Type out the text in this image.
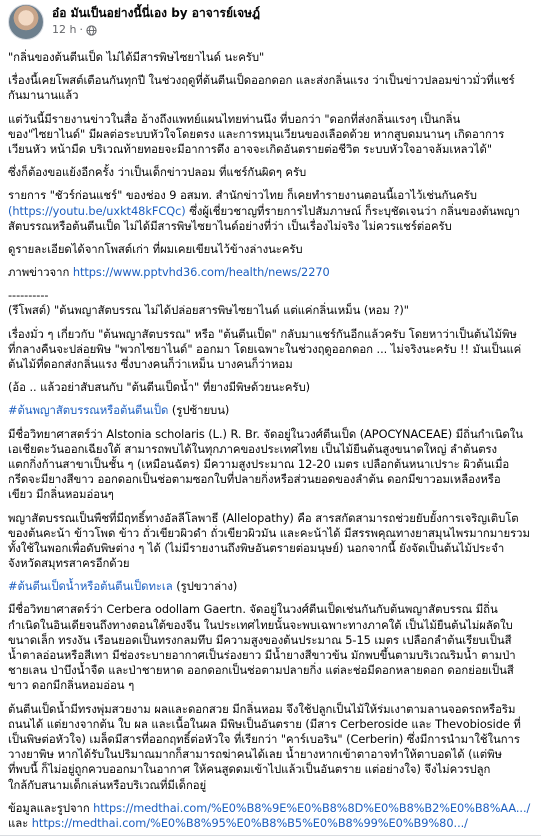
อ๋อ มันเป็นอย่างนี้นี่เอง by อาจารย์เจษฎ์
12 h ·
"กลิ่นของต้นตีนเป็ด ไม่ได้มีสารพิษไซยาไนด์ นะครับ"
เรื่องนี้เคยโพสต์เตือนกันทุกปี ในช่วงฤดูที่ต้นตีนเป็ดออกดอก และส่งกลิ่นแรง ว่าเป็นข่าวปลอมข่าวมั่วที่แชร์
กันมานานแล้ว
แต่วันนี้มีรายงานข่าวในสื่อ อ้างถึงแพทย์แผนไทยท่านนึง ที่บอกว่า "ดอกที่ส่งกลิ่นแรงๆ เป็นกลิ่น
ของ"ไซยาไนด์" มีผลต่อระบบหัวใจโดยตรง และการหมุนเวียนของเลือดด้วย หากสูบดมนานๆ เกิดอาการ
เวียนหัว หน้ามืด บริเวณท้ายทอยจะมีอาการตึง อาจจะเกิดอันตรายต่อชีวิต ระบบหัวใจอาจล้มเหลวได้"
ซึ่งก็ต้องขอแย้งอีกครั้ง ว่าเป็นเด็กข่าวปลอม ที่แชร์กันผิดๆ ครับ
รายการ "ชัวร์ก่อนแชร์" ของช่อง 9 อสมท. สำนักข่าวไทย ก็เคยทำรายงานตอนนี้เอาไว้เช่นกันครับ
(https://youtu.be/uxkt48kFCQc) ซึ่งผู้เชี่ยวชาญที่รายการไปสัมภาษณ์ ก็ระบุชัดเจนว่า กลิ่นของต้นพญา
สัตบรรณหรือต้นตีนเป็ด ไม่ได้มีสารพิษไซยาไนด์อย่างที่ว่า เป็นเรื่องไม่จริง ไม่ควรแชร์ต่อครับ
ดูรายละเอียดได้จากโพสต์เก่า ที่ผมเคยเขียนไว้ข้างล่างนะครับ
ภาพข่าวจาก https://www.pptvhd36.com/health/news/2270
----------
(รีโพสต์) "ต้นพญาสัตบรรณ ไม่ได้ปล่อยสารพิษไซยาไนด์ แต่แค่กลิ่นเหม็น (หอม ?)"
เรื่องมั่ว ๆ เกี่ยวกับ "ต้นพญาสัตบรรณ" หรือ "ต้นตีนเป็ด" กลับมาแชร์กันอีกแล้วครับ โดยหาว่าเป็นต้นไม้พิษ
ที่กลางคืนจะปล่อยพิษ "พวกไซยาไนด์" ออกมา โดยเฉพาะในช่วงฤดูออกดอก ... ไม่จริงนะครับ !! มันเป็นแค่
ต้นไม้ที่ดอกส่งกลิ่นแรง ซึ่งบางคนก็ว่าเหม็น บางคนก็ว่าหอม
(อ้อ .. แล้วอย่าสับสนกับ "ต้นตีนเป็ดน้ำ" ที่ยางมีพิษด้วยนะครับ)
#ต้นพญาสัตบรรณหรือต้นตีนเป็ด (รูปซ้ายบน)
มีชื่อวิทยาศาสตร์ว่า Alstonia scholaris (L.) R. Br. จัดอยู่ในวงศ์ตีนเป็ด (APOCYNACEAE) มีถิ่นกำเนิดใน
เอเชียตะวันออกเฉียงใต้ สามารถพบได้ในทุกภาคของประเทศไทย เป็นไม้ยืนต้นสูงขนาดใหญ่ ลำต้นตรง
แตกกิ่งก้านสาขาเป็นชั้น ๆ (เหมือนฉัตร) มีความสูงประมาณ 12-20 เมตร เปลือกต้นหนาเปราะ ผิวต้นเมื่อ
กรีดจะมียางสีขาว ออกดอกเป็นช่อตามซอกใบที่ปลายกิ่งหรือส่วนยอดของลำต้น ดอกมีขาวอมเหลืองหรือ
เขียว มีกลิ่นหอมอ่อนๆ
พญาสัตบรรณเป็นพืชที่มีฤทธิ์ทางอัลลีโลพาธี (Allelopathy) คือ สารสกัดสามารถช่วยยับยั้งการเจริญเติบโต
ของต้นคะน้า ข้าวโพด ข้าว ถั่วเขียวผิวดำ ถั่วเขียวผิวมัน และคะน้าได้ มีสรรพคุณทางยาสมุนไพรมากมายรวม
ทั้งใช้ในพอกเพื่อดับพิษต่าง ๆ ได้ (ไม่มีรายงานถึงพิษอันตรายต่อมนุษย์) นอกจากนี้ ยังจัดเป็นต้นไม้ประจำ
จังหวัดสมุทรสาครอีกด้วย
#ต้นตีนเป็ดน้ำหรือต้นตีนเป็ดทะเล (รูปขวาล่าง)
มีชื่อวิทยาศาสตร์ว่า Cerbera odollam Gaertn. จัดอยู่ในวงศ์ตีนเป็ดเช่นกันกับต้นพญาสัตบรรณ มีถิ่น
กำเนิดในอินเดียจนถึงทางตอนใต้ของจีน ในประเทศไทยนั้นจะพบเฉพาะทางภาคใต้ เป็นไม้ยืนต้นไม่ผลัดใบ
ขนาดเล็ก ทรงงัน เรือนยอดเป็นทรงกลมทึบ มีความสูงของต้นประมาณ 5-15 เมตร เปลือกลำต้นเรียบเป็นสี
น้ำตาลอ่อนหรือสีเทา มีช่องระบายอากาศเป็นร่องยาว มีน้ำยางสีขาวข้น มักพบขึ้นตามบริเวณริมน้ำ ตามป่า
ชายเลน ป่าบึงน้ำจืด และป่าชายหาด ออกดอกเป็นช่อตามปลายกิ่ง แต่ละช่อมีดอกหลายดอก ดอกย่อยเป็นสี
ขาว ดอกมีกลิ่นหอมอ่อน ๆ
ต้นตีนเป็ดน้ำมีทรงพุ่มสวยงาม ผลและดอกสวย มีกลิ่นหอม จึงใช้ปลูกเป็นไม้ให้ร่มเงาตามลานจอดรถหรือริม
ถนนได้ แต่ยางจากต้น ใบ ผล และเนื้อในผล มีพิษเป็นอันตราย (มีสาร Cerberoside และ Thevobioside ที่
เป็นพิษต่อหัวใจ) เมล็ดมีสารที่ออกฤทธิ์ต่อหัวใจ ที่เรียกว่า "คาร์เบอริน" (Cerberin) ซึ่งมีการนำมาใช้ในการ
วางยาพิษ หากได้รับในปริมาณมากก็สามารถฆ่าคนได้เลย น้ำยางหากเข้าตาอาจทำให้ตาบอดได้ (แต่พิษ
ที่พบนี้ ก็ไม่อยู่ถูกควบออกมาในอากาศ ให้คนสูดดมเข้าไปแล้วเป็นอันตราย แต่อย่างใจ) จึงไม่ควรปลูก
ใกล้กับสนามเด็กเล่นหรือบริเวณที่มีเด็กอยู่
ข้อมูลและรูปจาก https://medthai.com/%E0%B8%9E%E0%B8%8D%E0%B8%B2%E0%B8%AA.../
และ https://medthai.com/%E0%B8%95%E0%B8%B5%E0%B8%99%E0%B9%80.../
